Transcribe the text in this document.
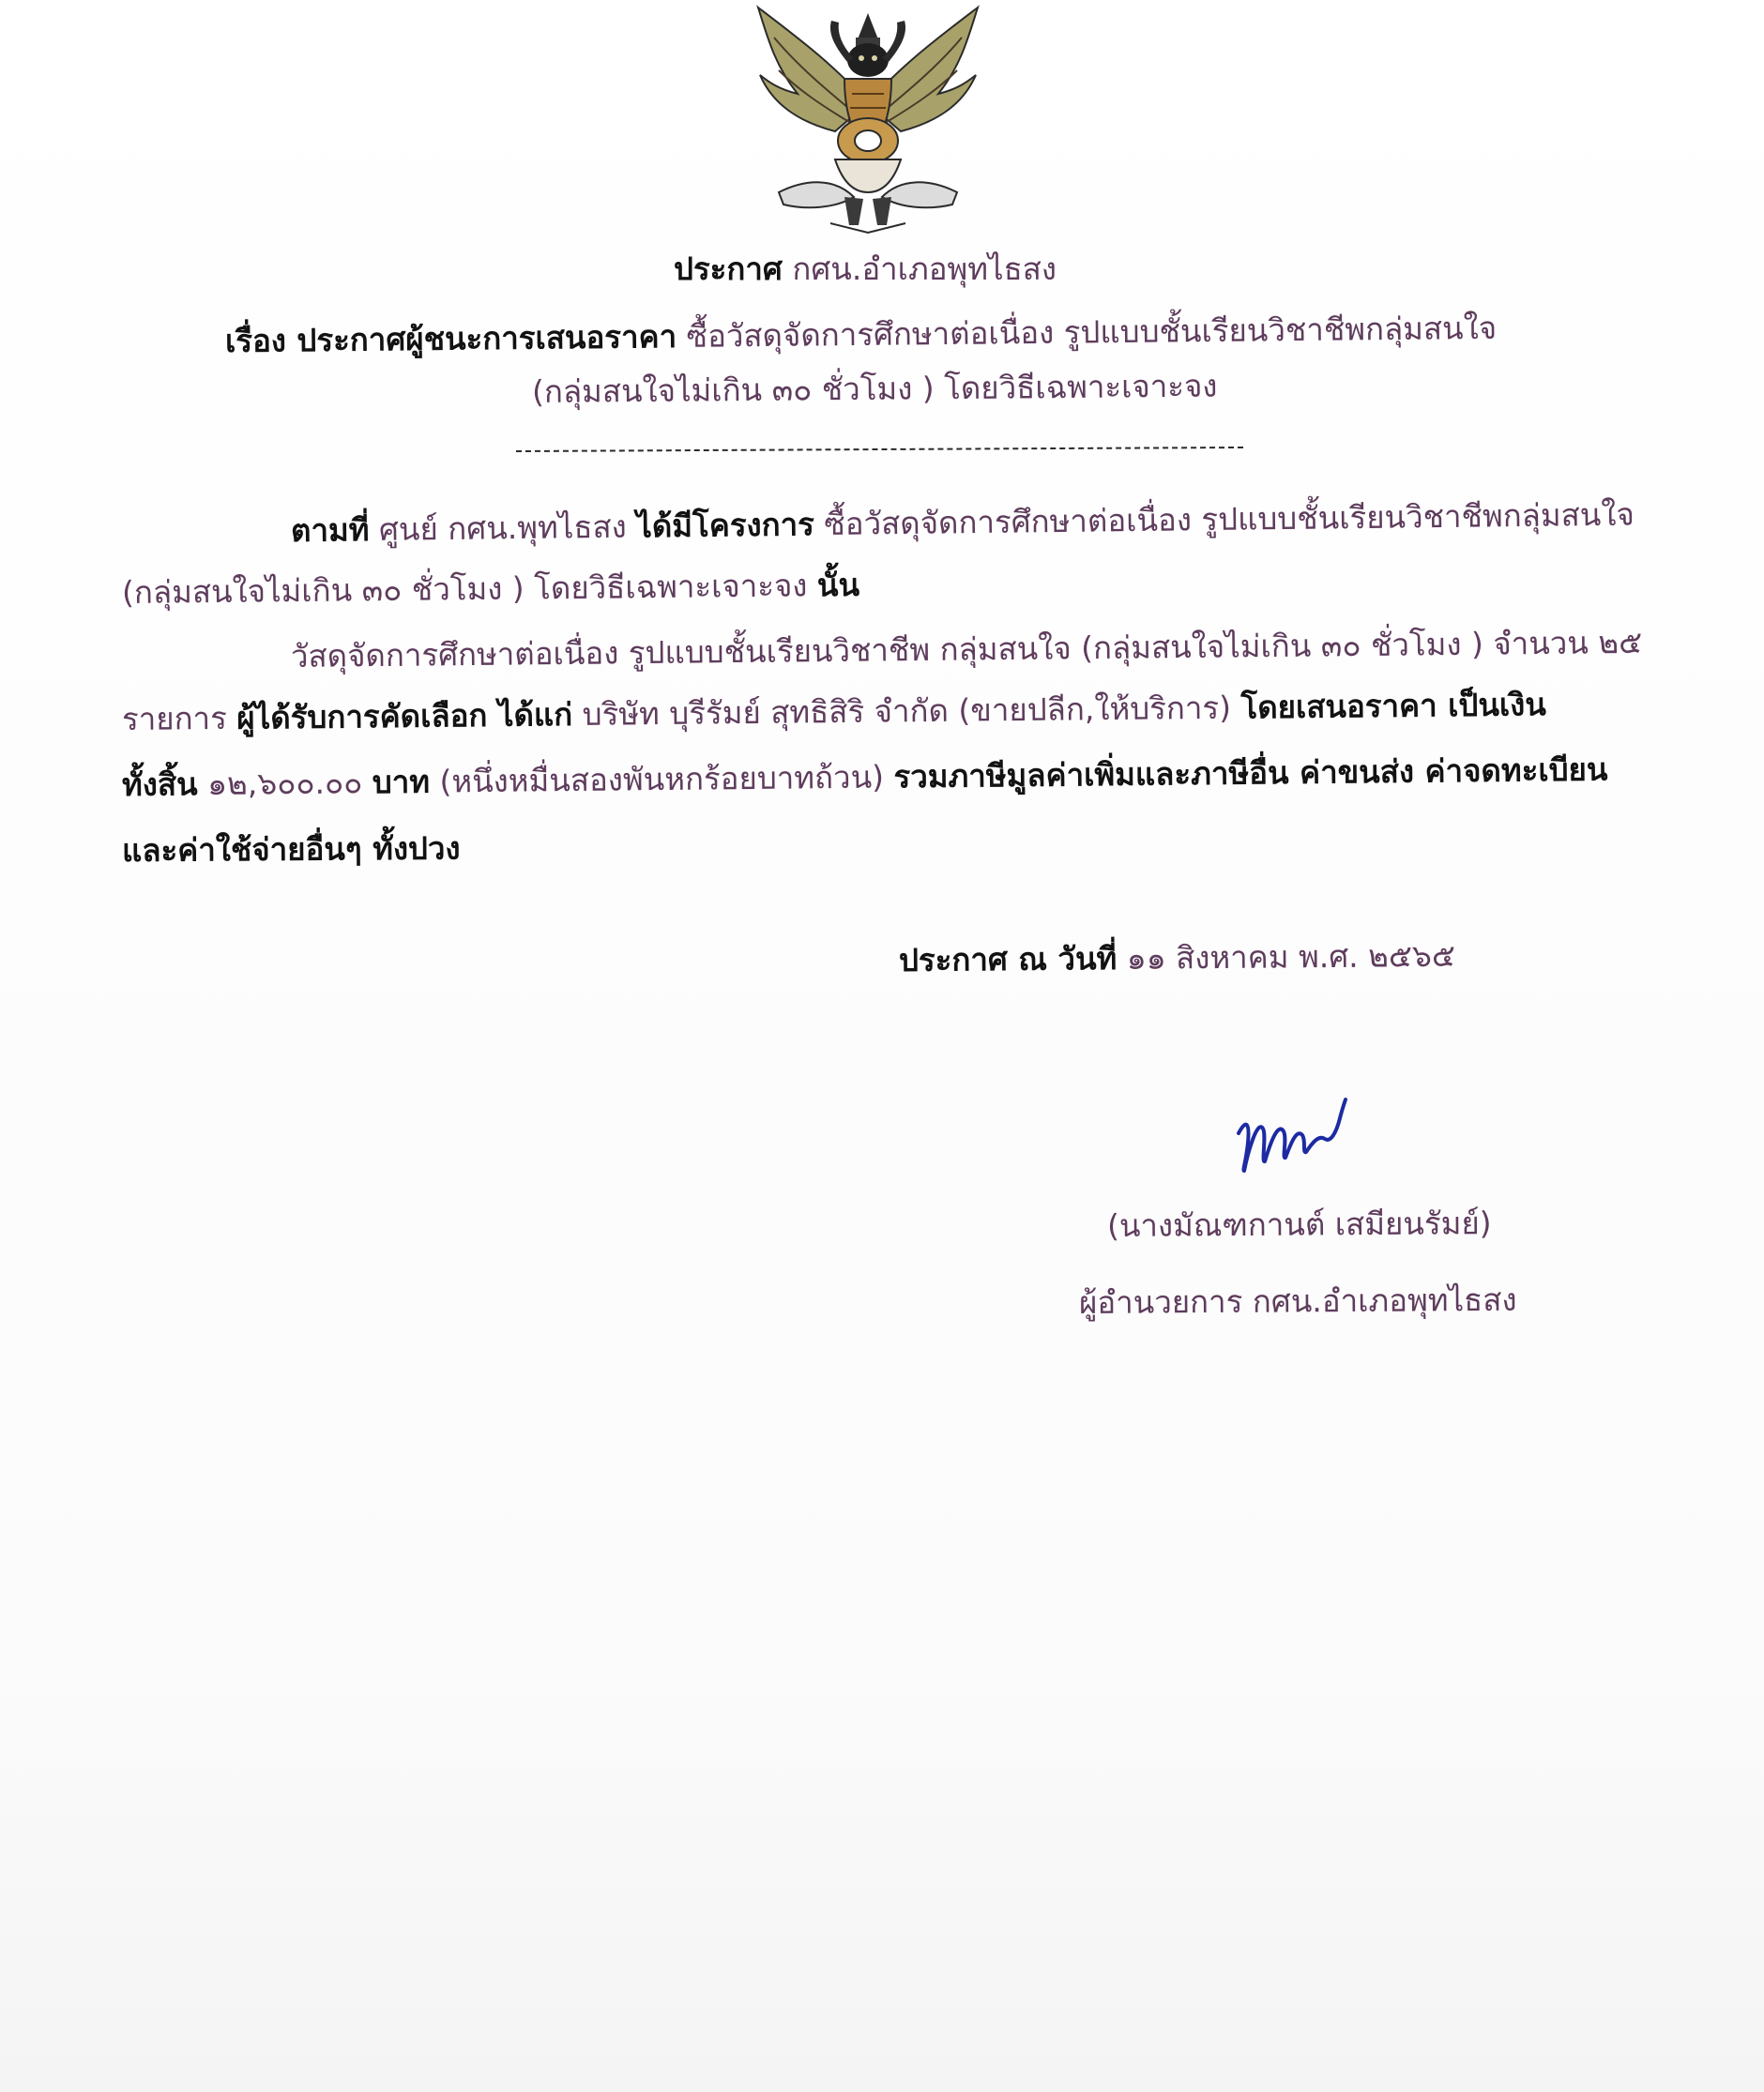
ประกาศ กศน.อำเภอพุทไธสง
เรื่อง ประกาศผู้ชนะการเสนอราคา ซื้อวัสดุจัดการศึกษาต่อเนื่อง รูปแบบชั้นเรียนวิชาชีพกลุ่มสนใจ
(กลุ่มสนใจไม่เกิน ๓๐ ชั่วโมง ) โดยวิธีเฉพาะเจาะจง
ตามที่ ศูนย์ กศน.พุทไธสง ได้มีโครงการ ซื้อวัสดุจัดการศึกษาต่อเนื่อง รูปแบบชั้นเรียนวิชาชีพกลุ่มสนใจ
(กลุ่มสนใจไม่เกิน ๓๐ ชั่วโมง ) โดยวิธีเฉพาะเจาะจง นั้น
วัสดุจัดการศึกษาต่อเนื่อง รูปแบบชั้นเรียนวิชาชีพ กลุ่มสนใจ (กลุ่มสนใจไม่เกิน ๓๐ ชั่วโมง ) จำนวน ๒๕
รายการ ผู้ได้รับการคัดเลือก ได้แก่ บริษัท บุรีรัมย์ สุทธิสิริ จำกัด (ขายปลีก,ให้บริการ) โดยเสนอราคา เป็นเงิน
ทั้งสิ้น ๑๒,๖๐๐.๐๐ บาท (หนึ่งหมื่นสองพันหกร้อยบาทถ้วน) รวมภาษีมูลค่าเพิ่มและภาษีอื่น ค่าขนส่ง ค่าจดทะเบียน
และค่าใช้จ่ายอื่นๆ ทั้งปวง
ประกาศ ณ วันที่ ๑๑ สิงหาคม พ.ศ. ๒๕๖๕
(นางมัณฑกานต์ เสมียนรัมย์)
ผู้อำนวยการ กศน.อำเภอพุทไธสง
